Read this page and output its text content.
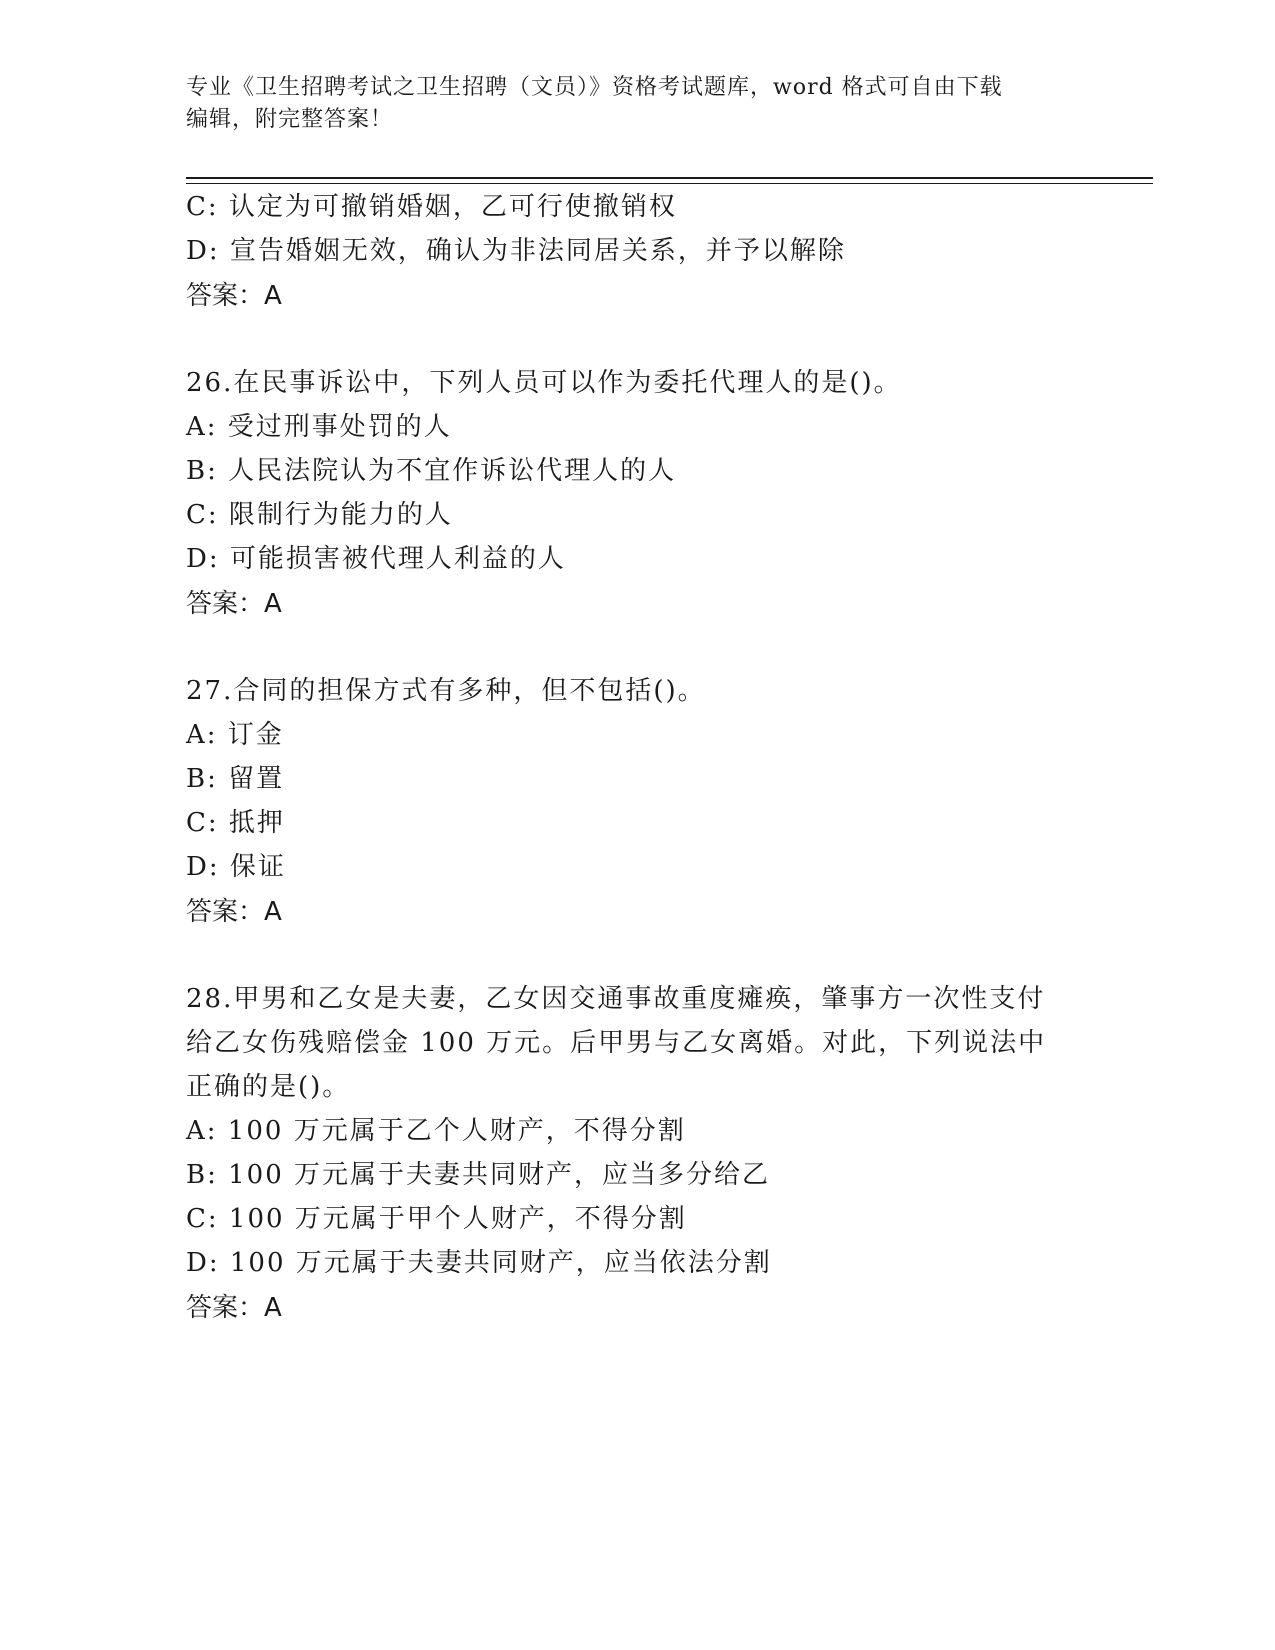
专业《卫生招聘考试之卫生招聘（文员）》资格考试题库，word 格式可自由下载
编辑，附完整答案！
C: 认定为可撤销婚姻，乙可行使撤销权
D: 宣告婚姻无效，确认为非法同居关系，并予以解除
答案：A
26.在民事诉讼中，下列人员可以作为委托代理人的是()。
A: 受过刑事处罚的人
B: 人民法院认为不宜作诉讼代理人的人
C: 限制行为能力的人
D: 可能损害被代理人利益的人
答案：A
27.合同的担保方式有多种，但不包括()。
A: 订金
B: 留置
C: 抵押
D: 保证
答案：A
28.甲男和乙女是夫妻，乙女因交通事故重度瘫痪，肇事方一次性支付
给乙女伤残赔偿金 100 万元。后甲男与乙女离婚。对此，下列说法中
正确的是()。
A: 100 万元属于乙个人财产，不得分割
B: 100 万元属于夫妻共同财产，应当多分给乙
C: 100 万元属于甲个人财产，不得分割
D: 100 万元属于夫妻共同财产，应当依法分割
答案：A
